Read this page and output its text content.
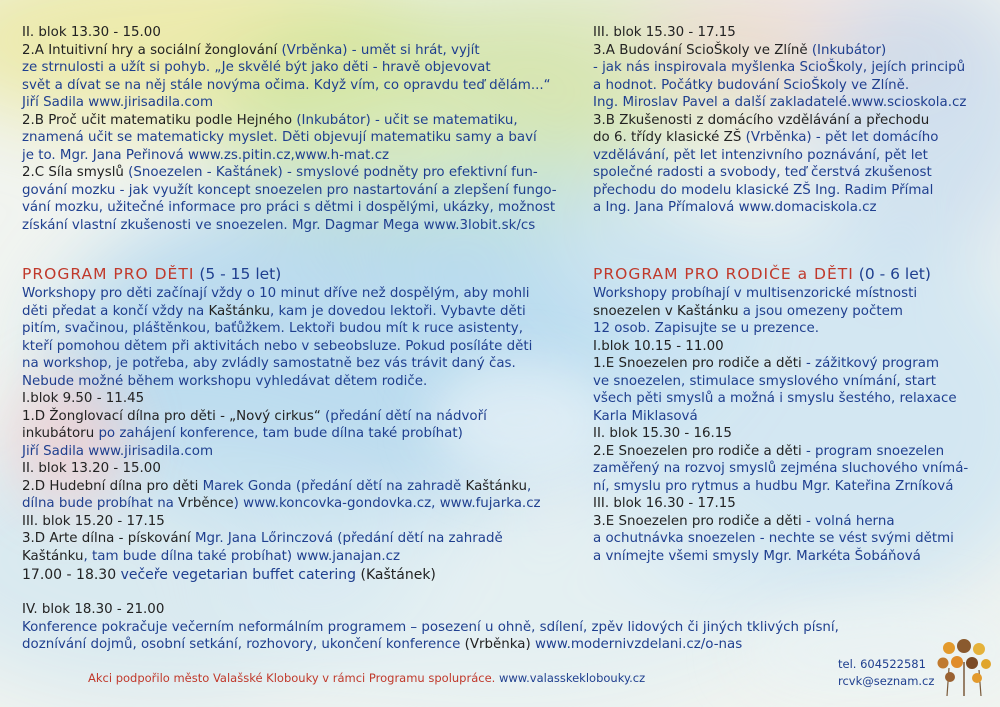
II. blok 13.30 - 15.00
2.A Intuitivní hry a sociální žonglování (Vrběnka) - umět si hrát, vyjít
ze strnulosti a užít si pohyb. „Je skvělé být jako děti - hravě objevovat
svět a dívat se na něj stále novýma očima. Když vím, co opravdu teď dělám...“
Jiří Sadila www.jirisadila.com
2.B Proč učit matematiku podle Hejného (Inkubátor) - učit se matematiku,
znamená učit se matematicky myslet. Děti objevují matematiku samy a baví
je to. Mgr. Jana Peřinová www.zs.pitin.cz,www.h-mat.cz
2.C Síla smyslů (Snoezelen - Kaštánek) - smyslové podněty pro efektivní fun-
gování mozku - jak využít koncept snoezelen pro nastartování a zlepšení fungo-
vání mozku, užitečné informace pro práci s dětmi i dospělými, ukázky, možnost
získání vlastní zkušenosti ve snoezelen. Mgr. Dagmar Mega www.3lobit.sk/cs
III. blok 15.30 - 17.15
3.A Budování ScioŠkoly ve Zlíně (Inkubátor)
- jak nás inspirovala myšlenka ScioŠkoly, jejích principů
a hodnot. Počátky budování ScioŠkoly ve Zlíně.
Ing. Miroslav Pavel a další zakladatelé.www.scioskola.cz
3.B Zkušenosti z domácího vzdělávání a přechodu
do 6. třídy klasické ZŠ (Vrběnka) - pět let domácího
vzdělávání, pět let intenzivního poznávání, pět let
společné radosti a svobody, teď čerstvá zkušenost
přechodu do modelu klasické ZŠ Ing. Radim Přímal
a Ing. Jana Přímalová www.domaciskola.cz
PROGRAM PRO DĚTI (5 - 15 let)
Workshopy pro děti začínají vždy o 10 minut dříve než dospělým, aby mohli
děti předat a končí vždy na Kaštánku, kam je dovedou lektoři. Vybavte děti
pitím, svačinou, pláštěnkou, baťůžkem. Lektoři budou mít k ruce asistenty,
kteří pomohou dětem při aktivitách nebo v sebeobsluze. Pokud posíláte děti
na workshop, je potřeba, aby zvládly samostatně bez vás trávit daný čas.
Nebude možné během workshopu vyhledávat dětem rodiče.
I.blok 9.50 - 11.45
1.D Žonglovací dílna pro děti - „Nový cirkus“ (předání dětí na nádvoří
inkubátoru po zahájení konference, tam bude dílna také probíhat)
Jiří Sadila www.jirisadila.com
II. blok 13.20 - 15.00
2.D Hudební dílna pro děti Marek Gonda (předání dětí na zahradě Kaštánku,
dílna bude probíhat na Vrběnce) www.koncovka-gondovka.cz, www.fujarka.cz
III. blok 15.20 - 17.15
3.D Arte dílna - pískování Mgr. Jana Lőrinczová (předání dětí na zahradě
Kaštánku, tam bude dílna také probíhat) www.janajan.cz
PROGRAM PRO RODIČE a DĚTI (0 - 6 let)
Workshopy probíhají v multisenzorické místnosti
snoezelen v Kaštánku a jsou omezeny počtem
12 osob. Zapisujte se u prezence.
I.blok 10.15 - 11.00
1.E Snoezelen pro rodiče a děti - zážitkový program
ve snoezelen, stimulace smyslového vnímání, start
všech pěti smyslů a možná i smyslu šestého, relaxace
Karla Miklasová
II. blok 15.30 - 16.15
2.E Snoezelen pro rodiče a děti - program snoezelen
zaměřený na rozvoj smyslů zejména sluchového vnímá-
ní, smyslu pro rytmus a hudbu Mgr. Kateřina Zrníková
III. blok 16.30 - 17.15
3.E Snoezelen pro rodiče a děti - volná herna
a ochutnávka snoezelen - nechte se vést svými dětmi
a vnímejte všemi smysly Mgr. Markéta Šobáňová
17.00 - 18.30 večeře vegetarian buffet catering (Kaštánek)
IV. blok 18.30 - 21.00
Konference pokračuje večerním neformálním programem – posezení u ohně, sdílení, zpěv lidových či jiných tklivých písní,
doznívání dojmů, osobní setkání, rozhovory, ukončení konference (Vrběnka) www.modernivzdelani.cz/o-nas
Akci podpořilo město Valašské Klobouky v rámci Programu spolupráce. www.valasskeklobouky.cz
tel. 604522581
rcvk@seznam.cz
